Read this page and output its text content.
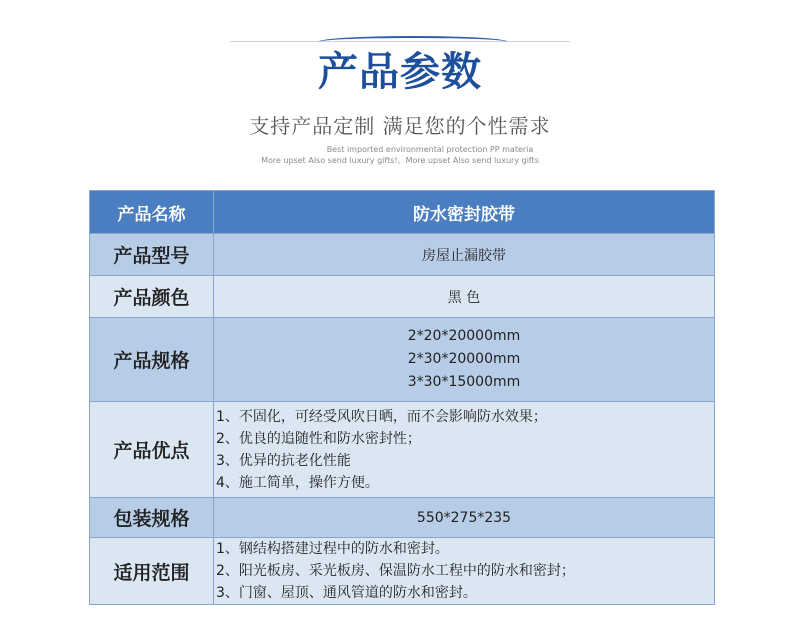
产品参数
支持产品定制 满足您的个性需求
Best imported environmental protection PP materia
More upset Also send luxury gifts!。More upset Also send luxury gifts
产品名称	防水密封胶带
产品型号	房屋止漏胶带
产品颜色	黑 色
产品规格	2*20*20000mm
2*30*20000mm
3*30*15000mm

产品优点	1、不固化，可经受风吹日晒，而不会影响防水效果；
2、优良的追随性和防水密封性；
3、优异的抗老化性能
4、施工简单，操作方便。

包装规格	550*275*235
适用范围	1、钢结构搭建过程中的防水和密封。
2、阳光板房、采光板房、保温防水工程中的防水和密封；
3、门窗、屋顶、通风管道的防水和密封。
